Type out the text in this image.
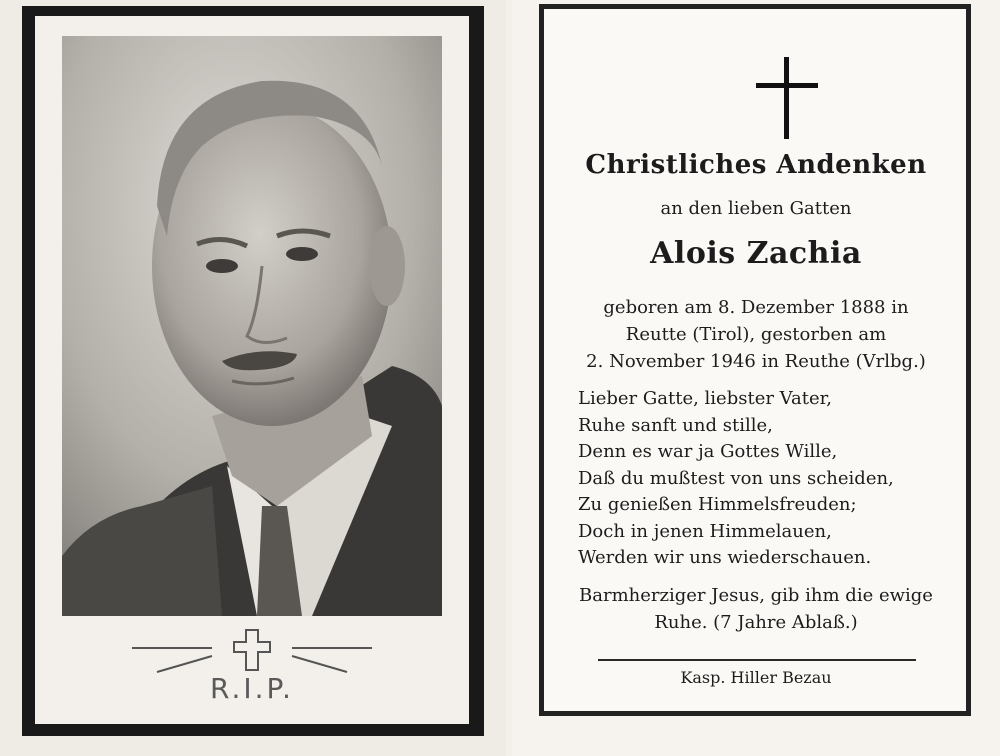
R.I.P.
Christliches Andenken
an den lieben Gatten
Alois Zachia
geboren am 8. Dezember 1888 in
Reutte (Tirol), gestorben am
2. November 1946 in Reuthe (Vrlbg.)
Lieber Gatte, liebster Vater,
Ruhe sanft und stille,
Denn es war ja Gottes Wille,
Daß du mußtest von uns scheiden,
Zu genießen Himmelsfreuden;
Doch in jenen Himmelauen,
Werden wir uns wiederschauen.
Barmherziger Jesus, gib ihm die ewige
Ruhe. (7 Jahre Ablaß.)
Kasp. Hiller Bezau
